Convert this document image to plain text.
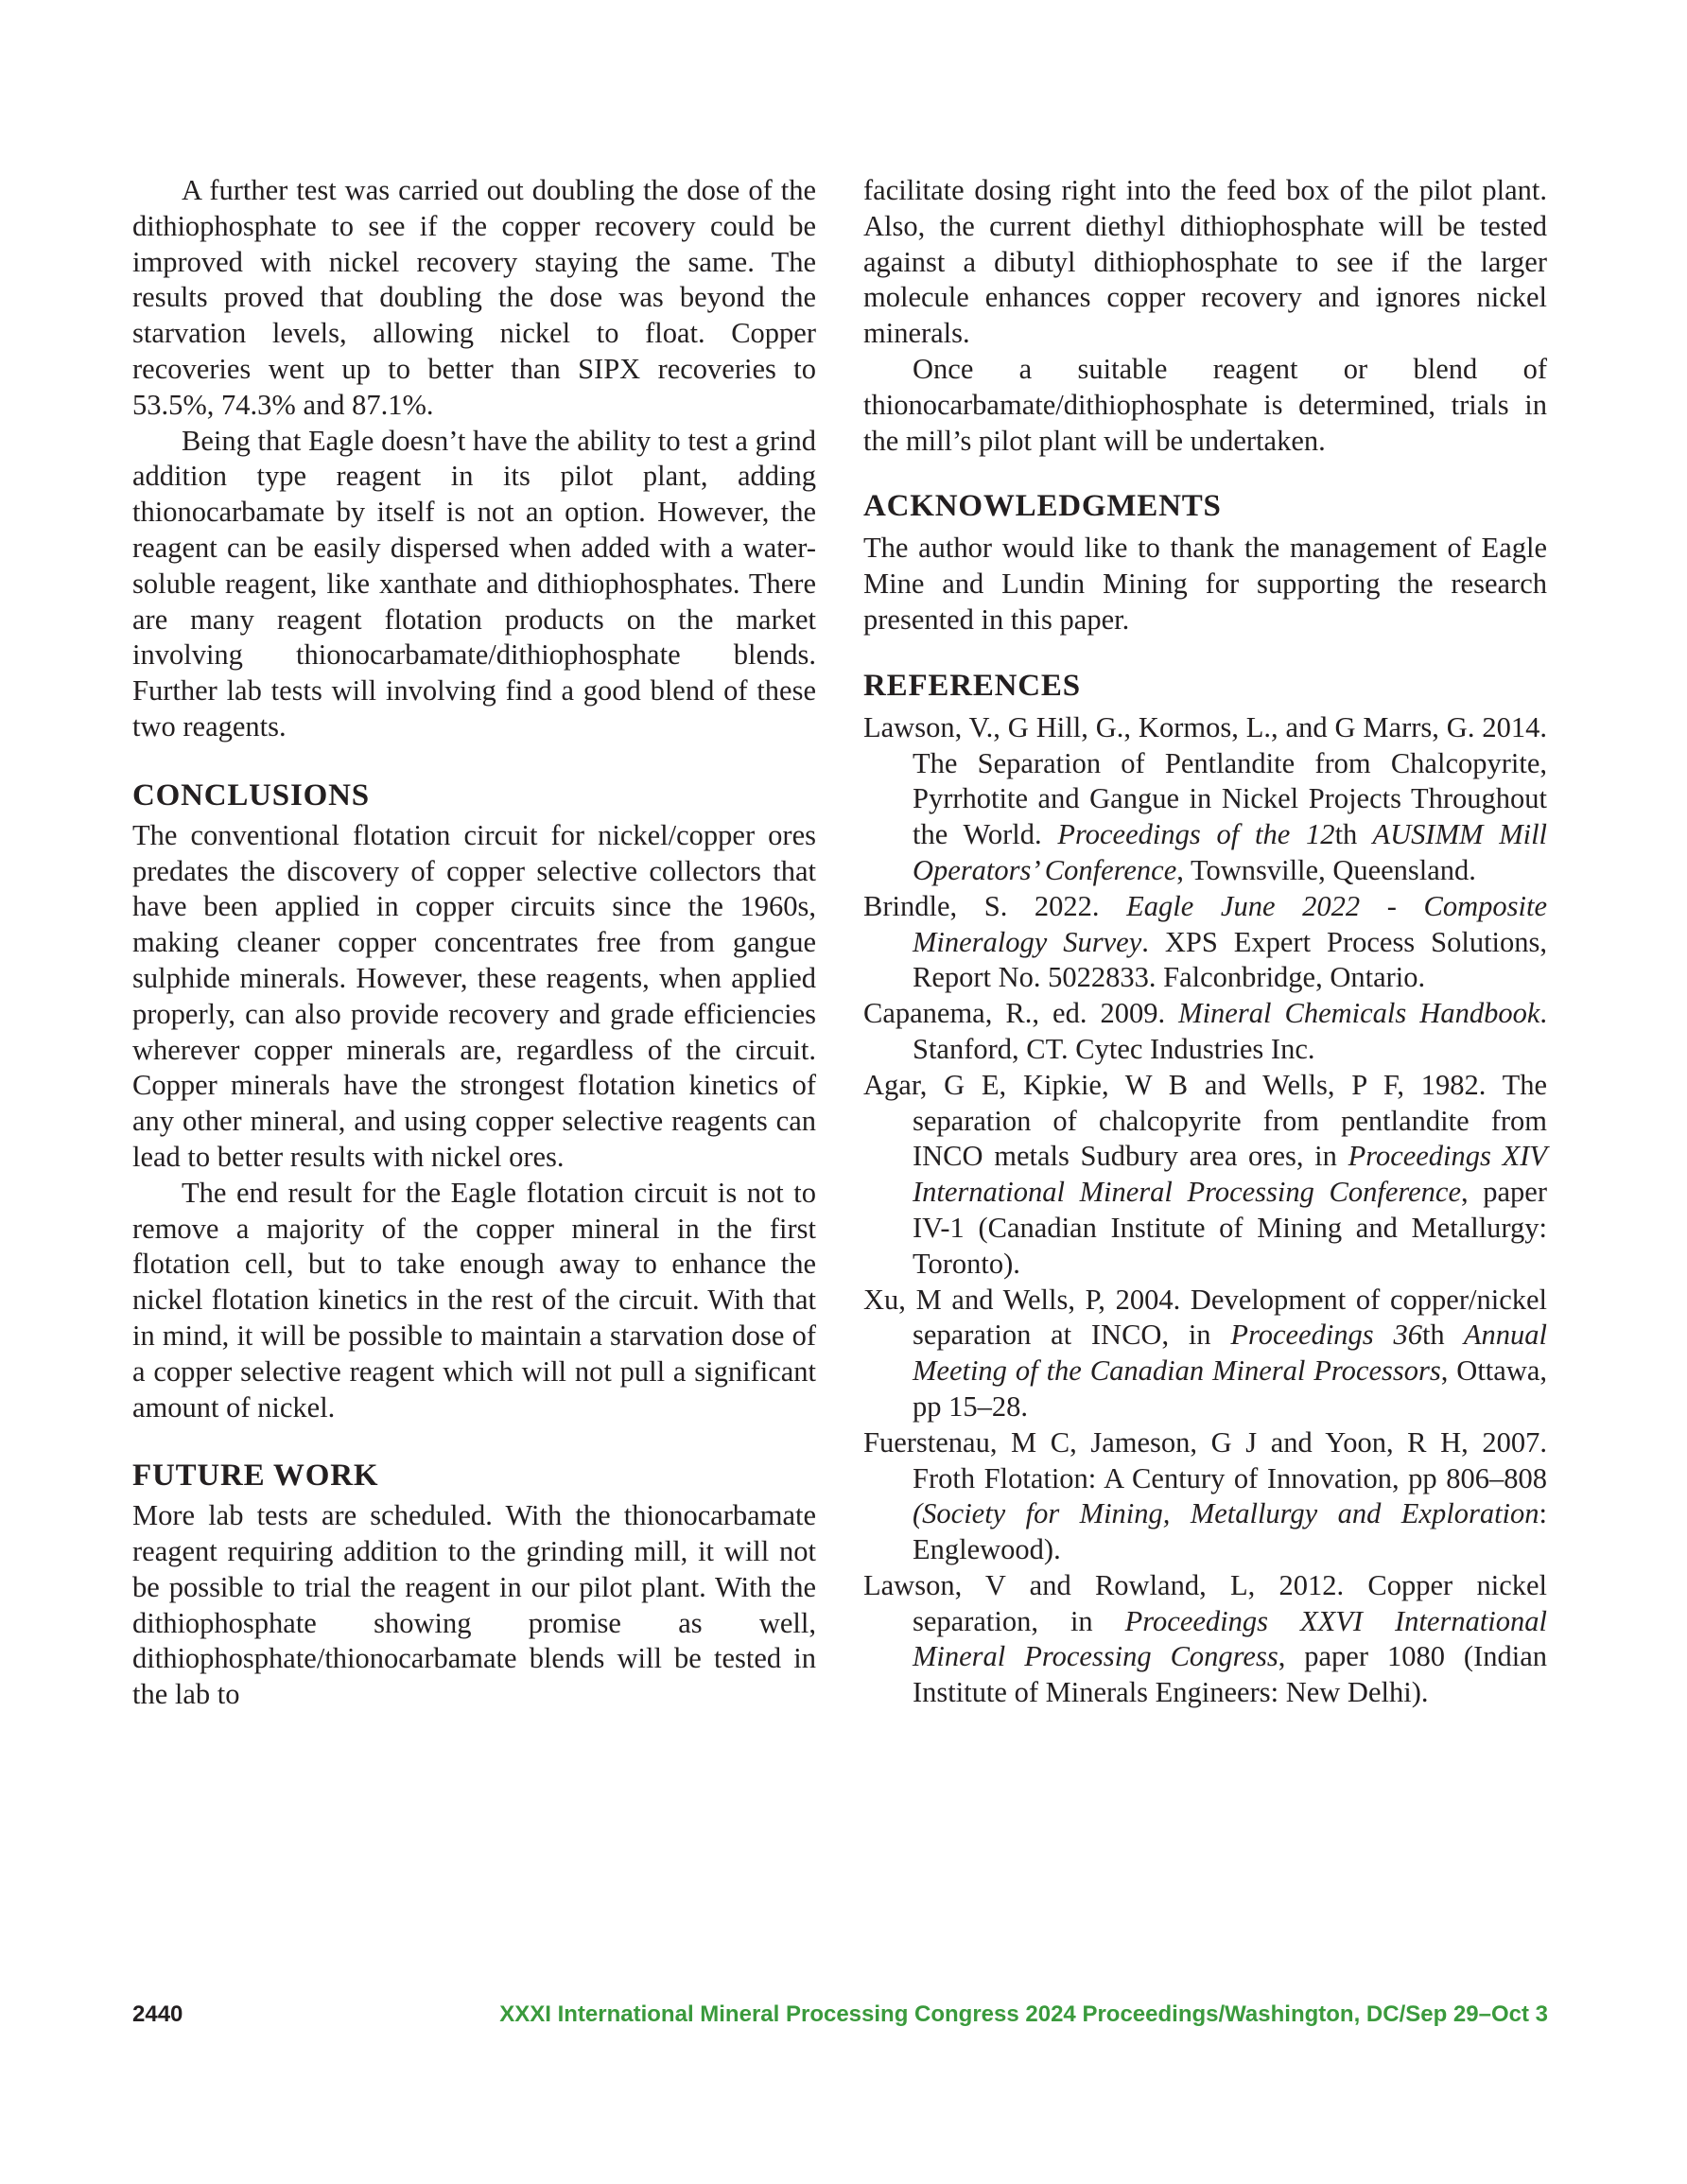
A further test was carried out doubling the dose of the dithiophosphate to see if the copper recovery could be improved with nickel recovery staying the same. The results proved that doubling the dose was beyond the starvation levels, allowing nickel to float. Copper recoveries went up to better than SIPX recoveries to 53.5%, 74.3% and 87.1%.

Being that Eagle doesn’t have the ability to test a grind addition type reagent in its pilot plant, adding thionocarbamate by itself is not an option. However, the reagent can be easily dispersed when added with a water-soluble reagent, like xanthate and dithiophosphates. There are many reagent flotation products on the market involving thionocarbamate/dithiophosphate blends. Further lab tests will involving find a good blend of these two reagents.

CONCLUSIONS

The conventional flotation circuit for nickel/copper ores predates the discovery of copper selective collectors that have been applied in copper circuits since the 1960s, making cleaner copper concentrates free from gangue sulphide minerals. However, these reagents, when applied properly, can also provide recovery and grade efficiencies wherever copper minerals are, regardless of the circuit. Copper minerals have the strongest flotation kinetics of any other mineral, and using copper selective reagents can lead to better results with nickel ores.

The end result for the Eagle flotation circuit is not to remove a majority of the copper mineral in the first flotation cell, but to take enough away to enhance the nickel flotation kinetics in the rest of the circuit. With that in mind, it will be possible to maintain a starvation dose of a copper selective reagent which will not pull a significant amount of nickel.

FUTURE WORK

More lab tests are scheduled. With the thionocarbamate reagent requiring addition to the grinding mill, it will not be possible to trial the reagent in our pilot plant. With the dithiophosphate showing promise as well, dithiophosphate/thionocarbamate blends will be tested in the lab to

facilitate dosing right into the feed box of the pilot plant. Also, the current diethyl dithiophosphate will be tested against a dibutyl dithiophosphate to see if the larger molecule enhances copper recovery and ignores nickel minerals.

Once a suitable reagent or blend of thionocarbamate/dithiophosphate is determined, trials in the mill’s pilot plant will be undertaken.

ACKNOWLEDGMENTS

The author would like to thank the management of Eagle Mine and Lundin Mining for supporting the research presented in this paper.

REFERENCES

Lawson, V., G Hill, G., Kormos, L., and G Marrs, G. 2014. The Separation of Pentlandite from Chalcopyrite, Pyrrhotite and Gangue in Nickel Projects Throughout the World. Proceedings of the 12th AUSIMM Mill Operators’ Conference, Townsville, Queensland.

Brindle, S. 2022. Eagle June 2022 - Composite Mineralogy Survey. XPS Expert Process Solutions, Report No. 5022833. Falconbridge, Ontario.

Capanema, R., ed. 2009. Mineral Chemicals Handbook. Stanford, CT. Cytec Industries Inc.

Agar, G E, Kipkie, W B and Wells, P F, 1982. The separation of chalcopyrite from pentlandite from INCO metals Sudbury area ores, in Proceedings XIV International Mineral Processing Conference, paper IV-1 (Canadian Institute of Mining and Metallurgy: Toronto).

Xu, M and Wells, P, 2004. Development of copper/nickel separation at INCO, in Proceedings 36th Annual Meeting of the Canadian Mineral Processors, Ottawa, pp 15–28.

Fuerstenau, M C, Jameson, G J and Yoon, R H, 2007. Froth Flotation: A Century of Innovation, pp 806–808 (Society for Mining, Metallurgy and Exploration: Englewood).

Lawson, V and Rowland, L, 2012. Copper nickel separation, in Proceedings XXVI International Mineral Processing Congress, paper 1080 (Indian Institute of Minerals Engineers: New Delhi).

2440	XXXI International Mineral Processing Congress 2024 Proceedings/Washington, DC/Sep 29–Oct 3
